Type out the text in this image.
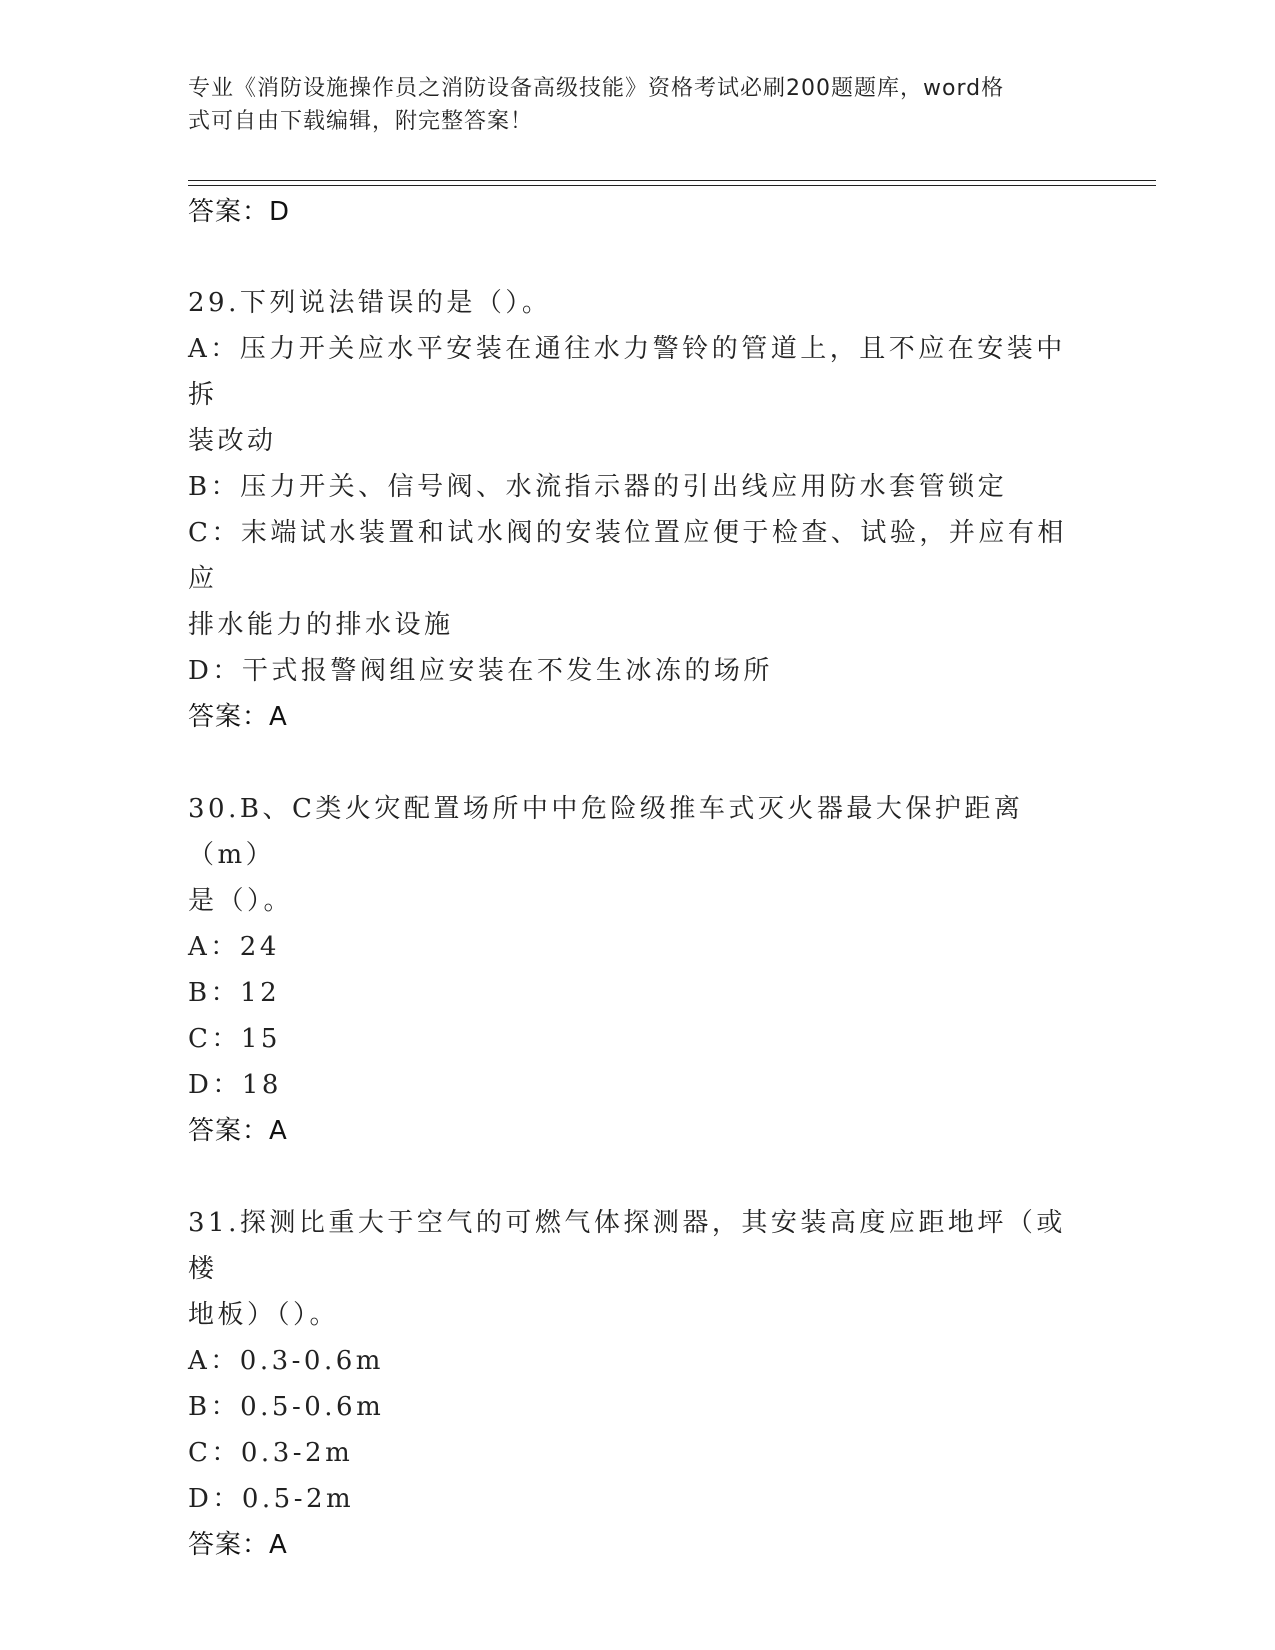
专业《消防设施操作员之消防设备高级技能》资格考试必刷200题题库，word格
式可自由下载编辑，附完整答案！
答案：D
29.下列说法错误的是（）。
A：压力开关应水平安装在通往水力警铃的管道上，且不应在安装中拆
装改动
B：压力开关、信号阀、水流指示器的引出线应用防水套管锁定
C：末端试水装置和试水阀的安装位置应便于检查、试验，并应有相应
排水能力的排水设施
D：干式报警阀组应安装在不发生冰冻的场所
答案：A
30.B、C类火灾配置场所中中危险级推车式灭火器最大保护距离（m）
是（）。
A：24
B：12
C：15
D：18
答案：A
31.探测比重大于空气的可燃气体探测器，其安装高度应距地坪（或楼
地板）（）。
A：0.3-0.6m
B：0.5-0.6m
C：0.3-2m
D：0.5-2m
答案：A
